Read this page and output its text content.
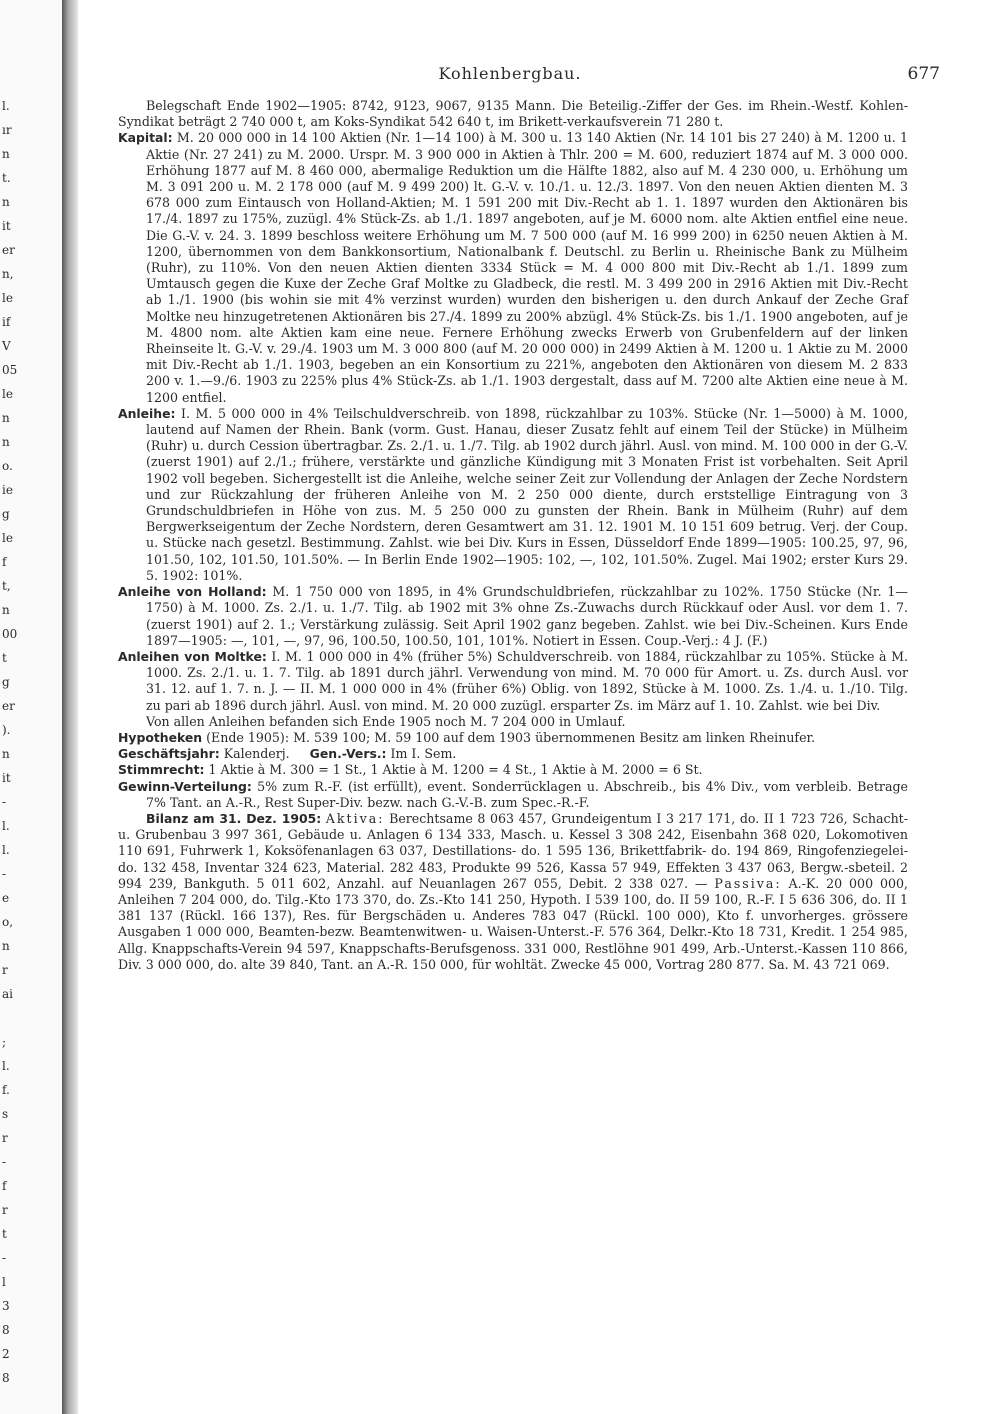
l.
ır
n
t.
n
it
er
n,
le
if
V
05
le
n
n
o.
ie
g
le
f
t,
n
00
t
g
er
).
n
it
-
l.
l.
-
e
o,
n
r
ai
;
l.
f.
s
r
-
f
r
t
-
l
3
8
2
8
Kohlenbergbau.	677

Belegschaft Ende 1902—1905: 8742, 9123, 9067, 9135 Mann. Die Beteilig.-Ziffer der Ges. im Rhein.-Westf. Kohlen-Syndikat beträgt 2 740 000 t, am Koks-Syndikat 542 640 t, im Brikett-verkaufsverein 71 280 t.

Kapital: M. 20 000 000 in 14 100 Aktien (Nr. 1—14 100) à M. 300 u. 13 140 Aktien (Nr. 14 101 bis 27 240) à M. 1200 u. 1 Aktie (Nr. 27 241) zu M. 2000. Urspr. M. 3 900 000 in Aktien à Thlr. 200 = M. 600, reduziert 1874 auf M. 3 000 000. Erhöhung 1877 auf M. 8 460 000, abermalige Reduktion um die Hälfte 1882, also auf M. 4 230 000, u. Erhöhung um M. 3 091 200 u. M. 2 178 000 (auf M. 9 499 200) lt. G.-V. v. 10./1. u. 12./3. 1897. Von den neuen Aktien dienten M. 3 678 000 zum Eintausch von Holland-Aktien; M. 1 591 200 mit Div.-Recht ab 1. 1. 1897 wurden den Aktionären bis 17./4. 1897 zu 175%, zuzügl. 4% Stück-Zs. ab 1./1. 1897 angeboten, auf je M. 6000 nom. alte Aktien entfiel eine neue. Die G.-V. v. 24. 3. 1899 beschloss weitere Erhöhung um M. 7 500 000 (auf M. 16 999 200) in 6250 neuen Aktien à M. 1200, übernommen von dem Bankkonsortium, Nationalbank f. Deutschl. zu Berlin u. Rheinische Bank zu Mülheim (Ruhr), zu 110%. Von den neuen Aktien dienten 3334 Stück = M. 4 000 800 mit Div.-Recht ab 1./1. 1899 zum Umtausch gegen die Kuxe der Zeche Graf Moltke zu Gladbeck, die restl. M. 3 499 200 in 2916 Aktien mit Div.-Recht ab 1./1. 1900 (bis wohin sie mit 4% verzinst wurden) wurden den bisherigen u. den durch Ankauf der Zeche Graf Moltke neu hinzugetretenen Aktionären bis 27./4. 1899 zu 200% abzügl. 4% Stück-Zs. bis 1./1. 1900 angeboten, auf je M. 4800 nom. alte Aktien kam eine neue. Fernere Erhöhung zwecks Erwerb von Grubenfeldern auf der linken Rheinseite lt. G.-V. v. 29./4. 1903 um M. 3 000 800 (auf M. 20 000 000) in 2499 Aktien à M. 1200 u. 1 Aktie zu M. 2000 mit Div.-Recht ab 1./1. 1903, begeben an ein Konsortium zu 221%, angeboten den Aktionären von diesem M. 2 833 200 v. 1.—9./6. 1903 zu 225% plus 4% Stück-Zs. ab 1./1. 1903 dergestalt, dass auf M. 7200 alte Aktien eine neue à M. 1200 entfiel.

Anleihe: I. M. 5 000 000 in 4% Teilschuldverschreib. von 1898, rückzahlbar zu 103%. Stücke (Nr. 1—5000) à M. 1000, lautend auf Namen der Rhein. Bank (vorm. Gust. Hanau, dieser Zusatz fehlt auf einem Teil der Stücke) in Mülheim (Ruhr) u. durch Cession übertragbar. Zs. 2./1. u. 1./7. Tilg. ab 1902 durch jährl. Ausl. von mind. M. 100 000 in der G.-V. (zuerst 1901) auf 2./1.; frühere, verstärkte und gänzliche Kündigung mit 3 Monaten Frist ist vorbehalten. Seit April 1902 voll begeben. Sichergestellt ist die Anleihe, welche seiner Zeit zur Vollendung der Anlagen der Zeche Nordstern und zur Rückzahlung der früheren Anleihe von M. 2 250 000 diente, durch erststellige Eintragung von 3 Grundschuldbriefen in Höhe von zus. M. 5 250 000 zu gunsten der Rhein. Bank in Mülheim (Ruhr) auf dem Bergwerkseigentum der Zeche Nordstern, deren Gesamtwert am 31. 12. 1901 M. 10 151 609 betrug. Verj. der Coup. u. Stücke nach gesetzl. Bestimmung. Zahlst. wie bei Div. Kurs in Essen, Düsseldorf Ende 1899—1905: 100.25, 97, 96, 101.50, 102, 101.50, 101.50%. — In Berlin Ende 1902—1905: 102, —, 102, 101.50%. Zugel. Mai 1902; erster Kurs 29. 5. 1902: 101%.

Anleihe von Holland: M. 1 750 000 von 1895, in 4% Grundschuldbriefen, rückzahlbar zu 102%. 1750 Stücke (Nr. 1—1750) à M. 1000. Zs. 2./1. u. 1./7. Tilg. ab 1902 mit 3% ohne Zs.-Zuwachs durch Rückkauf oder Ausl. vor dem 1. 7. (zuerst 1901) auf 2. 1.; Verstärkung zulässig. Seit April 1902 ganz begeben. Zahlst. wie bei Div.-Scheinen. Kurs Ende 1897—1905: —, 101, —, 97, 96, 100.50, 100.50, 101, 101%. Notiert in Essen. Coup.-Verj.: 4 J. (F.)

Anleihen von Moltke: I. M. 1 000 000 in 4% (früher 5%) Schuldverschreib. von 1884, rückzahlbar zu 105%. Stücke à M. 1000. Zs. 2./1. u. 1. 7. Tilg. ab 1891 durch jährl. Verwendung von mind. M. 70 000 für Amort. u. Zs. durch Ausl. vor 31. 12. auf 1. 7. n. J. — II. M. 1 000 000 in 4% (früher 6%) Oblig. von 1892, Stücke à M. 1000. Zs. 1./4. u. 1./10. Tilg. zu pari ab 1896 durch jährl. Ausl. von mind. M. 20 000 zuzügl. ersparter Zs. im März auf 1. 10. Zahlst. wie bei Div.

Von allen Anleihen befanden sich Ende 1905 noch M. 7 204 000 in Umlauf.

Hypotheken (Ende 1905): M. 539 100; M. 59 100 auf dem 1903 übernommenen Besitz am linken Rheinufer.

Geschäftsjahr: Kalenderj. Gen.-Vers.: Im I. Sem.

Stimmrecht: 1 Aktie à M. 300 = 1 St., 1 Aktie à M. 1200 = 4 St., 1 Aktie à M. 2000 = 6 St.

Gewinn-Verteilung: 5% zum R.-F. (ist erfüllt), event. Sonderrücklagen u. Abschreib., bis 4% Div., vom verbleib. Betrage 7% Tant. an A.-R., Rest Super-Div. bezw. nach G.-V.-B. zum Spec.-R.-F.

Bilanz am 31. Dez. 1905: Aktiva: Berechtsame 8 063 457, Grundeigentum I 3 217 171, do. II 1 723 726, Schacht- u. Grubenbau 3 997 361, Gebäude u. Anlagen 6 134 333, Masch. u. Kessel 3 308 242, Eisenbahn 368 020, Lokomotiven 110 691, Fuhrwerk 1, Koksöfenanlagen 63 037, Destillations- do. 1 595 136, Brikettfabrik- do. 194 869, Ringofenziegelei- do. 132 458, Inventar 324 623, Material. 282 483, Produkte 99 526, Kassa 57 949, Effekten 3 437 063, Bergw.-sbeteil. 2 994 239, Bankguth. 5 011 602, Anzahl. auf Neuanlagen 267 055, Debit. 2 338 027. — Passiva: A.-K. 20 000 000, Anleihen 7 204 000, do. Tilg.-Kto 173 370, do. Zs.-Kto 141 250, Hypoth. I 539 100, do. II 59 100, R.-F. I 5 636 306, do. II 1 381 137 (Rückl. 166 137), Res. für Bergschäden u. Anderes 783 047 (Rückl. 100 000), Kto f. unvorherges. grössere Ausgaben 1 000 000, Beamten-bezw. Beamtenwitwen- u. Waisen-Unterst.-F. 576 364, Delkr.-Kto 18 731, Kredit. 1 254 985, Allg. Knappschafts-Verein 94 597, Knappschafts-Berufsgenoss. 331 000, Restlöhne 901 499, Arb.-Unterst.-Kassen 110 866, Div. 3 000 000, do. alte 39 840, Tant. an A.-R. 150 000, für wohltät. Zwecke 45 000, Vortrag 280 877. Sa. M. 43 721 069.
